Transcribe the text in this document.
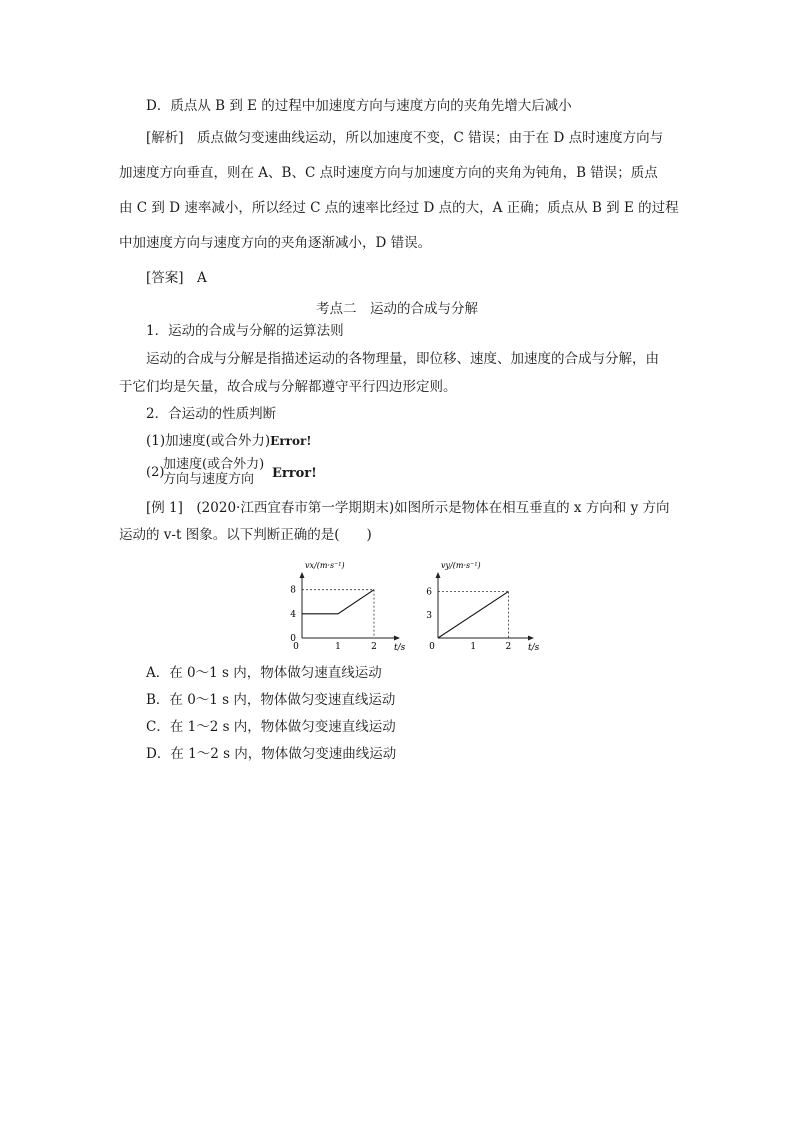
D．质点从 B 到 E 的过程中加速度方向与速度方向的夹角先增大后减小
[解析]　 质点做匀变速曲线运动，所以加速度不变，C 错误；由于在 D 点时速度方向与
加速度方向垂直，则在 A、B、C 点时速度方向与加速度方向的夹角为钝角，B 错误；质点
由 C 到 D 速率减小，所以经过 C 点的速率比经过 D 点的大，A 正确；质点从 B 到 E 的过程
中加速度方向与速度方向的夹角逐渐减小，D 错误。
[答案]　 A
考点二　运动的合成与分解
1．运动的合成与分解的运算法则
运动的合成与分解是指描述运动的各物理量，即位移、速度、加速度的合成与分解，由
于它们均是矢量，故合成与分解都遵守平行四边形定则。
2．合运动的性质判断
(1)加速度(或合外力)Error!
(2)
加速度(或合外力)
方向与速度方向 Error!
[例 1]　(2020·江西宜春市第一学期期末)如图所示是物体在相互垂直的 x 方向和 y 方向
运动的 v-t 图象。以下判断正确的是(　　)
0	1	2
0
4
8
vx/(m·s⁻¹)
t/s	0	1	2
3
6
vy/(m·s⁻¹)
t/s
A．在 0～1 s 内，物体做匀速直线运动
B．在 0～1 s 内，物体做匀变速直线运动
C．在 1～2 s 内，物体做匀变速直线运动
D．在 1～2 s 内，物体做匀变速曲线运动
